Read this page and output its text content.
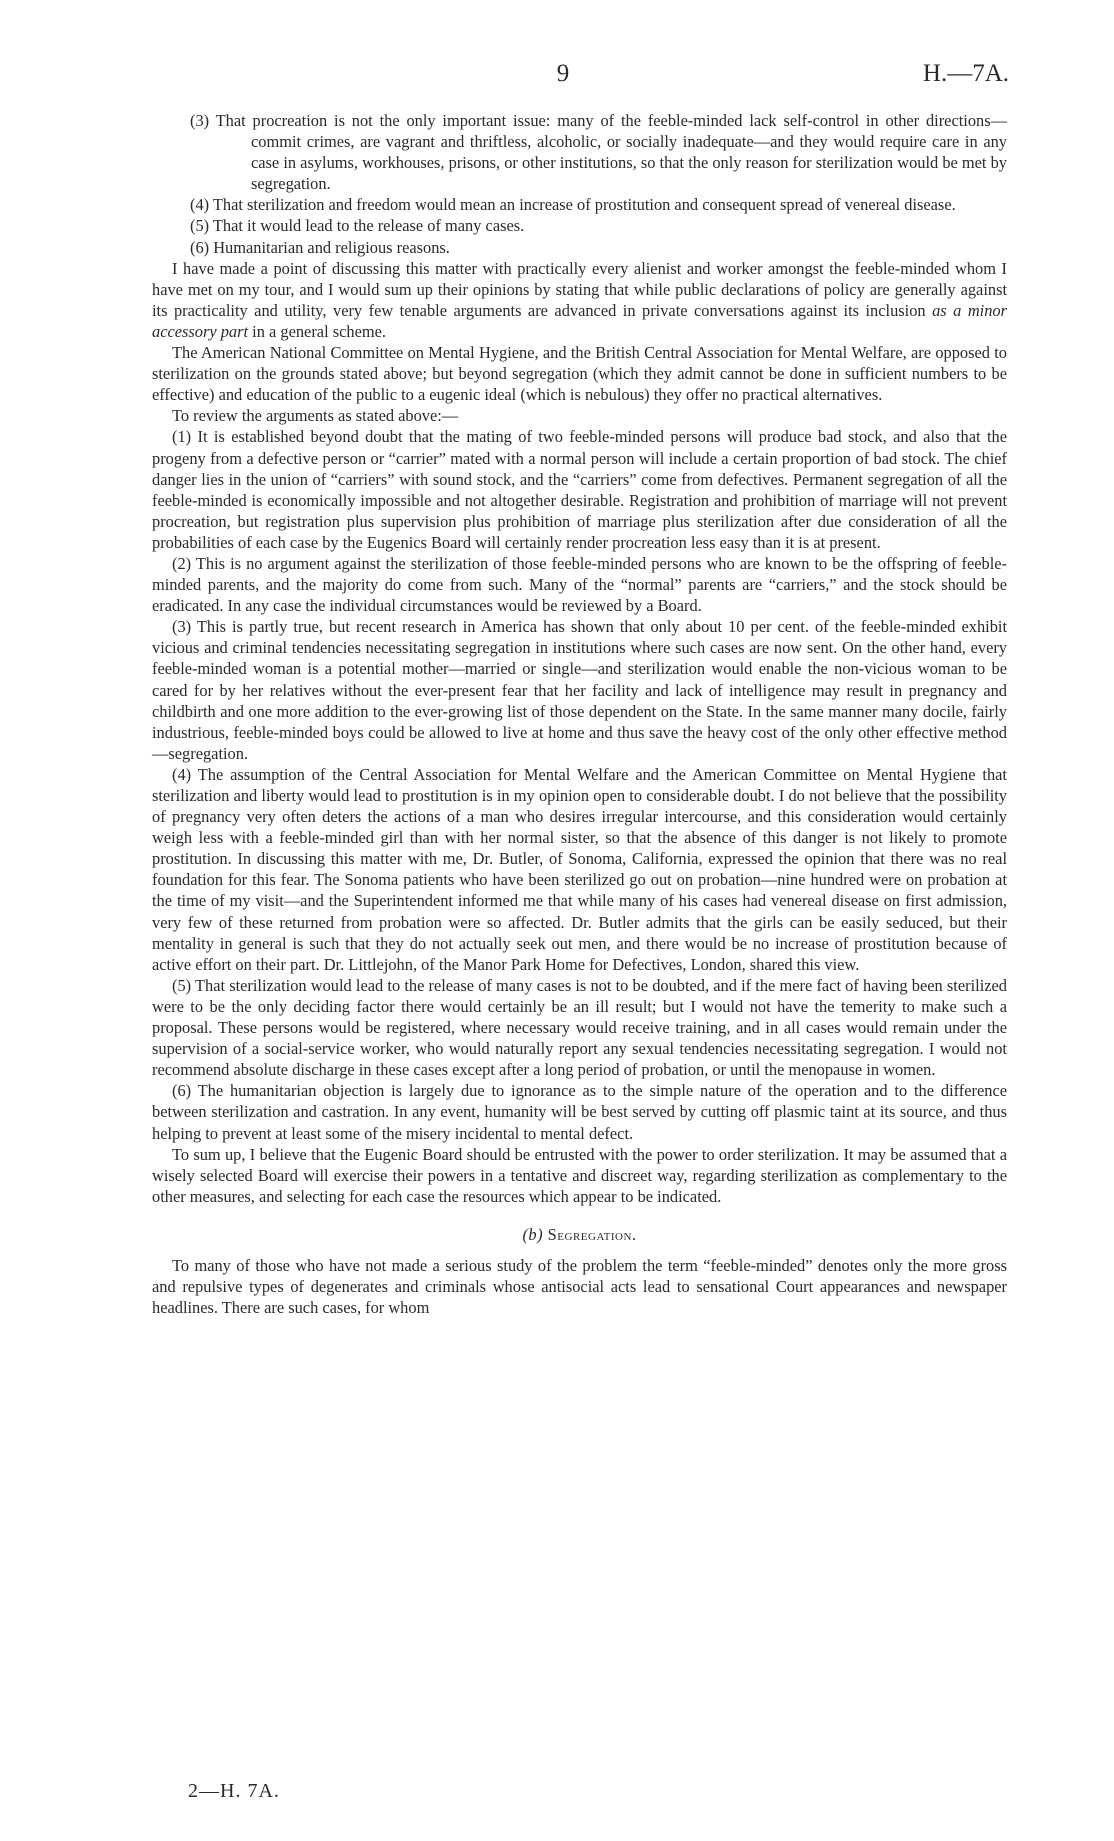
9	H.—7A.

(3) That procreation is not the only important issue: many of the feeble-minded lack self-control in other directions—commit crimes, are vagrant and thriftless, alcoholic, or socially inadequate—and they would require care in any case in asylums, workhouses, prisons, or other institutions, so that the only reason for sterilization would be met by segregation.

(4) That sterilization and freedom would mean an increase of prostitution and consequent spread of venereal disease.

(5) That it would lead to the release of many cases.

(6) Humanitarian and religious reasons.

I have made a point of discussing this matter with practically every alienist and worker amongst the feeble-minded whom I have met on my tour, and I would sum up their opinions by stating that while public declarations of policy are generally against its practicality and utility, very few tenable arguments are advanced in private conversations against its inclusion as a minor accessory part in a general scheme.

The American National Committee on Mental Hygiene, and the British Central Association for Mental Welfare, are opposed to sterilization on the grounds stated above; but beyond segregation (which they admit cannot be done in sufficient numbers to be effective) and education of the public to a eugenic ideal (which is nebulous) they offer no practical alternatives.

To review the arguments as stated above:—

(1) It is established beyond doubt that the mating of two feeble-minded persons will produce bad stock, and also that the progeny from a defective person or “carrier” mated with a normal person will include a certain proportion of bad stock. The chief danger lies in the union of “carriers” with sound stock, and the “carriers” come from defectives. Permanent segregation of all the feeble-minded is economically impossible and not altogether desirable. Registration and prohibition of marriage will not prevent procreation, but registration plus supervision plus prohibition of marriage plus sterilization after due consideration of all the probabilities of each case by the Eugenics Board will certainly render procreation less easy than it is at present.

(2) This is no argument against the sterilization of those feeble-minded persons who are known to be the offspring of feeble-minded parents, and the majority do come from such. Many of the “normal” parents are “carriers,” and the stock should be eradicated. In any case the individual circumstances would be reviewed by a Board.

(3) This is partly true, but recent research in America has shown that only about 10 per cent. of the feeble-minded exhibit vicious and criminal tendencies necessitating segregation in institutions where such cases are now sent. On the other hand, every feeble-minded woman is a potential mother—married or single—and sterilization would enable the non-vicious woman to be cared for by her relatives without the ever-present fear that her facility and lack of intelligence may result in pregnancy and childbirth and one more addition to the ever-growing list of those dependent on the State. In the same manner many docile, fairly industrious, feeble-minded boys could be allowed to live at home and thus save the heavy cost of the only other effective method—segregation.

(4) The assumption of the Central Association for Mental Welfare and the American Committee on Mental Hygiene that sterilization and liberty would lead to prostitution is in my opinion open to considerable doubt. I do not believe that the possibility of pregnancy very often deters the actions of a man who desires irregular intercourse, and this consideration would certainly weigh less with a feeble-minded girl than with her normal sister, so that the absence of this danger is not likely to promote prostitution. In discussing this matter with me, Dr. Butler, of Sonoma, California, expressed the opinion that there was no real foundation for this fear. The Sonoma patients who have been sterilized go out on probation—nine hundred were on probation at the time of my visit—and the Superintendent informed me that while many of his cases had venereal disease on first admission, very few of these returned from probation were so affected. Dr. Butler admits that the girls can be easily seduced, but their mentality in general is such that they do not actually seek out men, and there would be no increase of prostitution because of active effort on their part. Dr. Littlejohn, of the Manor Park Home for Defectives, London, shared this view.

(5) That sterilization would lead to the release of many cases is not to be doubted, and if the mere fact of having been sterilized were to be the only deciding factor there would certainly be an ill result; but I would not have the temerity to make such a proposal. These persons would be registered, where necessary would receive training, and in all cases would remain under the supervision of a social-service worker, who would naturally report any sexual tendencies necessitating segregation. I would not recommend absolute discharge in these cases except after a long period of probation, or until the menopause in women.

(6) The humanitarian objection is largely due to ignorance as to the simple nature of the operation and to the difference between sterilization and castration. In any event, humanity will be best served by cutting off plasmic taint at its source, and thus helping to prevent at least some of the misery incidental to mental defect.

To sum up, I believe that the Eugenic Board should be entrusted with the power to order sterilization. It may be assumed that a wisely selected Board will exercise their powers in a tentative and discreet way, regarding sterilization as complementary to the other measures, and selecting for each case the resources which appear to be indicated.

(b) Segregation.

To many of those who have not made a serious study of the problem the term “feeble-minded” denotes only the more gross and repulsive types of degenerates and criminals whose antisocial acts lead to sensational Court appearances and newspaper headlines. There are such cases, for whom

2—H. 7A.
